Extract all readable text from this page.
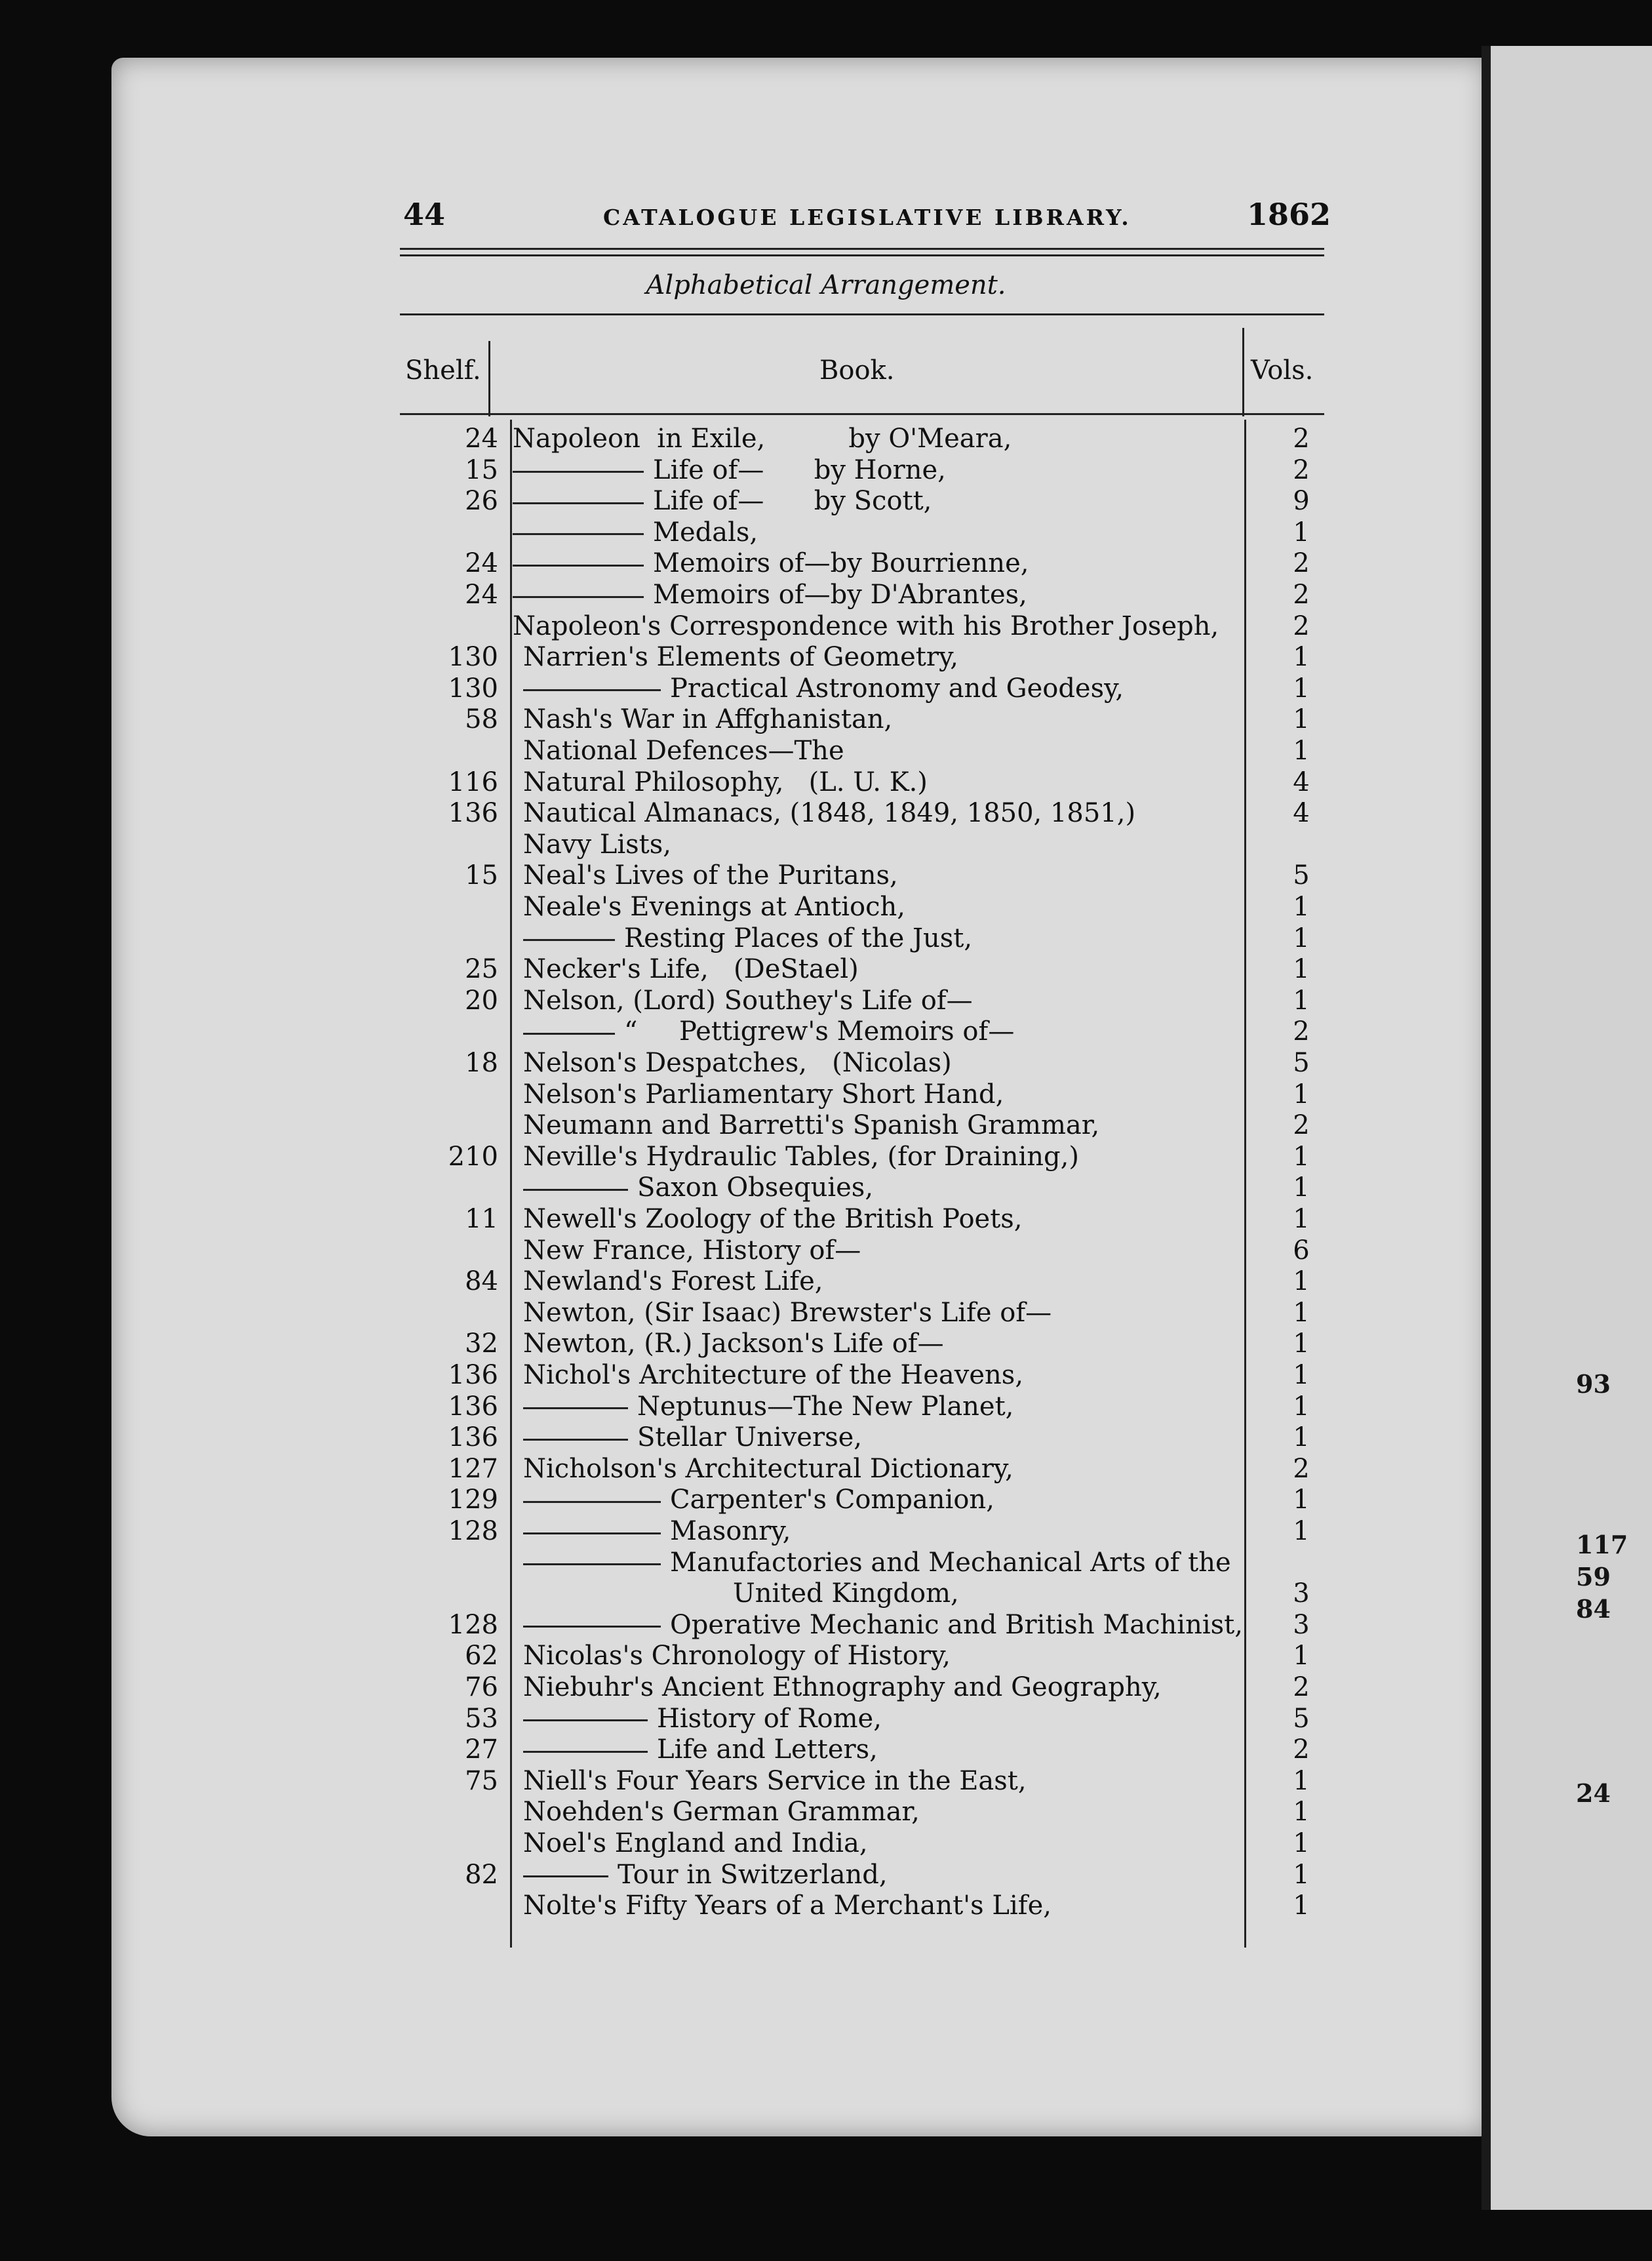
93
117
59
84
24
44	CATALOGUE LEGISLATIVE LIBRARY.	1862
Alphabetical Arrangement.
Shelf.	Book.	Vols.
24 Napoleon  in Exile,          by O'Meara,	2
15	Life of—      by Horne,	2
26	Life of—      by Scott,	9
Medals,	1
24	Memoirs of—by Bourrienne,	2
24	Memoirs of—by D'Abrantes,	2
Napoleon's Correspondence with his Brother Joseph,	2
130 Narrien's Elements of Geometry,	1
130	Practical Astronomy and Geodesy,	1
58 Nash's War in Affghanistan,	1
National Defences—The	1
116 Natural Philosophy,   (L. U. K.)	4
136 Nautical Almanacs, (1848, 1849, 1850, 1851,)	4
Navy Lists,
15 Neal's Lives of the Puritans,	5
Neale's Evenings at Antioch,	1
Resting Places of the Just,	1
25 Necker's Life,   (DeStael)	1
20 Nelson, (Lord) Southey's Life of—	1
“     Pettigrew's Memoirs of—	2
18 Nelson's Despatches,   (Nicolas)	5
Nelson's Parliamentary Short Hand,	1
Neumann and Barretti's Spanish Grammar,	2
210 Neville's Hydraulic Tables, (for Draining,)	1
Saxon Obsequies,	1
11 Newell's Zoology of the British Poets,	1
New France, History of—	6
84 Newland's Forest Life,	1
Newton, (Sir Isaac) Brewster's Life of—	1
32 Newton, (R.) Jackson's Life of—	1
136 Nichol's Architecture of the Heavens,	1
136	Neptunus—The New Planet,	1
136	Stellar Universe,	1
127 Nicholson's Architectural Dictionary,	2
129	Carpenter's Companion,	1
128	Masonry,	1
Manufactories and Mechanical Arts of the
United Kingdom,	3
128	Operative Mechanic and British Machinist, 3
62 Nicolas's Chronology of History,	1
76 Niebuhr's Ancient Ethnography and Geography,	2
53	History of Rome,	5
27	Life and Letters,	2
75 Niell's Four Years Service in the East,	1
Noehden's German Grammar,	1
Noel's England and India,	1
82	Tour in Switzerland,	1
Nolte's Fifty Years of a Merchant's Life,	1
